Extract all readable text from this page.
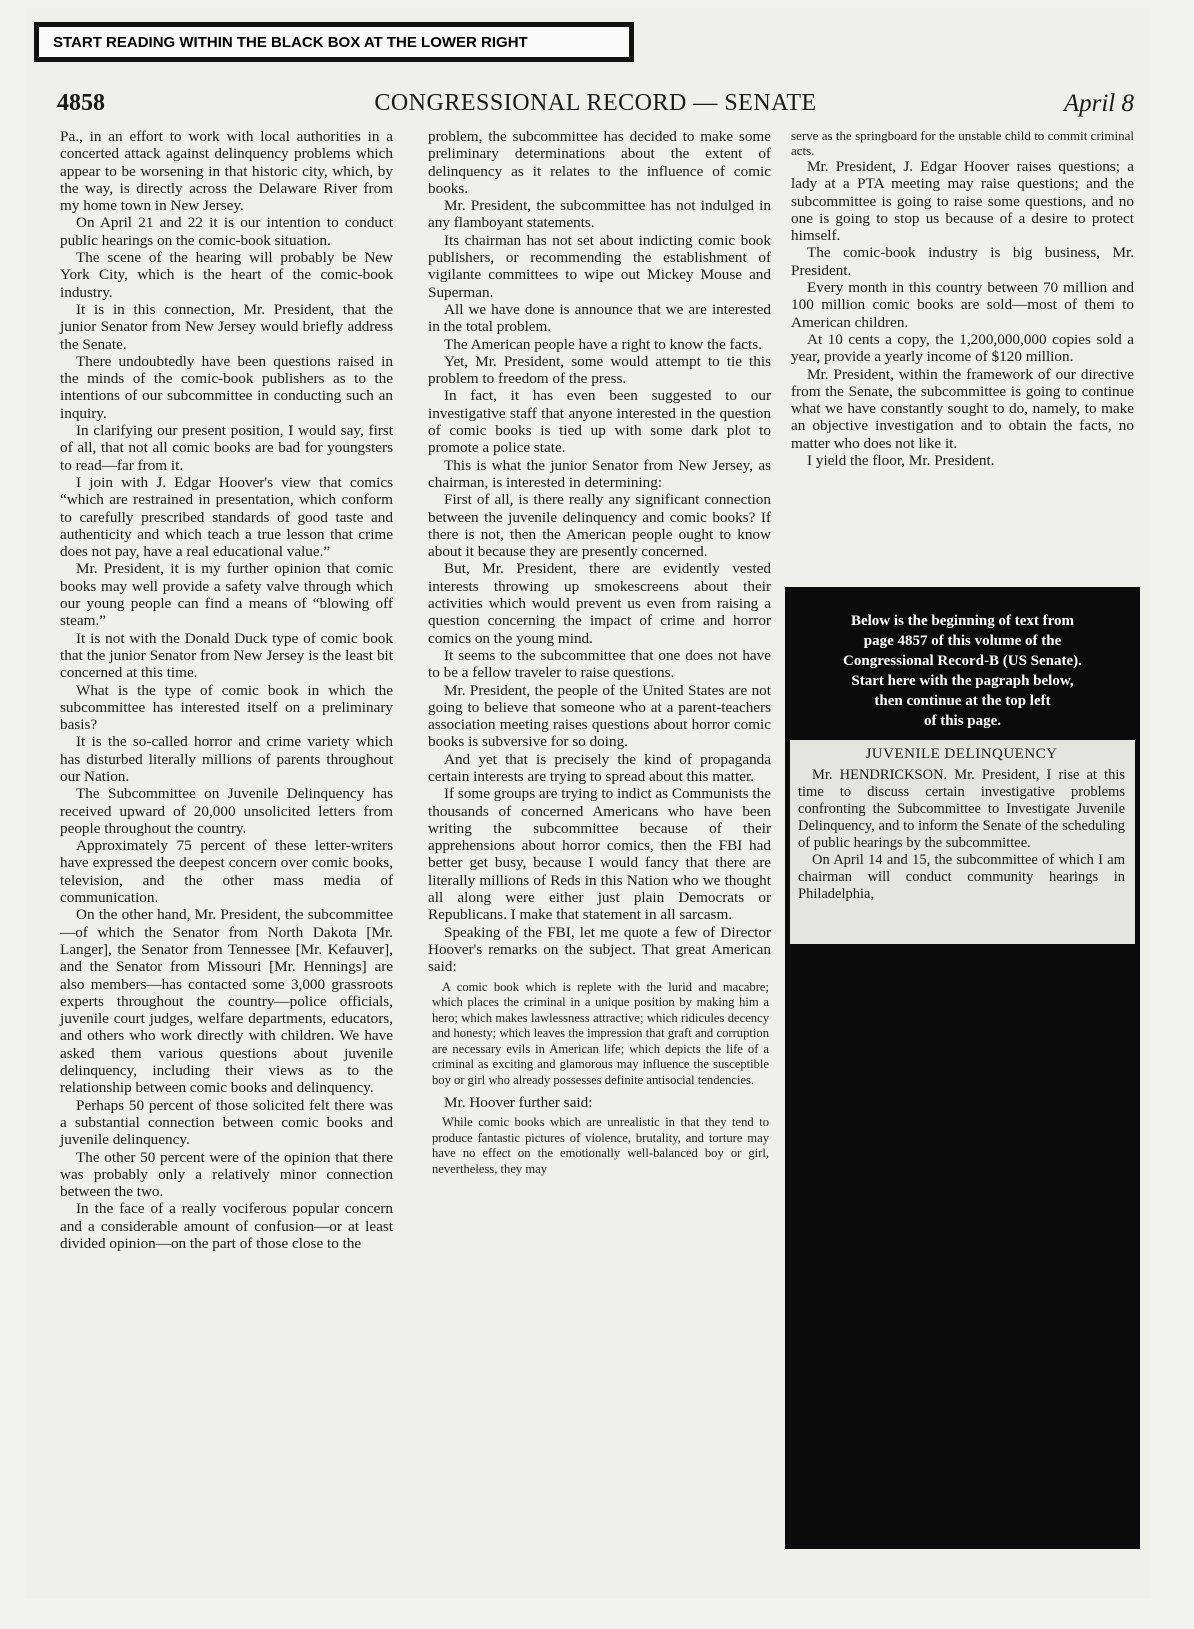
START READING WITHIN THE BLACK BOX AT THE LOWER RIGHT
4858	CONGRESSIONAL RECORD — SENATE	April 8

Pa., in an effort to work with local authorities in a concerted attack against delinquency problems which appear to be worsening in that historic city, which, by the way, is directly across the Delaware River from my home town in New Jersey.

On April 21 and 22 it is our intention to conduct public hearings on the comic-book situation.

The scene of the hearing will probably be New York City, which is the heart of the comic-book industry.

It is in this connection, Mr. President, that the junior Senator from New Jersey would briefly address the Senate.

There undoubtedly have been questions raised in the minds of the comic-book publishers as to the intentions of our subcommittee in conducting such an inquiry.

In clarifying our present position, I would say, first of all, that not all comic books are bad for youngsters to read—far from it.

I join with J. Edgar Hoover's view that comics “which are restrained in presentation, which conform to carefully prescribed standards of good taste and authenticity and which teach a true lesson that crime does not pay, have a real educational value.”

Mr. President, it is my further opinion that comic books may well provide a safety valve through which our young people can find a means of “blowing off steam.”

It is not with the Donald Duck type of comic book that the junior Senator from New Jersey is the least bit concerned at this time.

What is the type of comic book in which the subcommittee has interested itself on a preliminary basis?

It is the so-called horror and crime variety which has disturbed literally millions of parents throughout our Nation.

The Subcommittee on Juvenile Delinquency has received upward of 20,000 unsolicited letters from people throughout the country.

Approximately 75 percent of these letter-writers have expressed the deepest concern over comic books, television, and the other mass media of communication.

On the other hand, Mr. President, the subcommittee—of which the Senator from North Dakota [Mr. Langer], the Senator from Tennessee [Mr. Kefauver], and the Senator from Missouri [Mr. Hennings] are also members—has contacted some 3,000 grassroots experts throughout the country—police officials, juvenile court judges, welfare departments, educators, and others who work directly with children. We have asked them various questions about juvenile delinquency, including their views as to the relationship between comic books and delinquency.

Perhaps 50 percent of those solicited felt there was a substantial connection between comic books and juvenile delinquency.

The other 50 percent were of the opinion that there was probably only a relatively minor connection between the two.

In the face of a really vociferous popular concern and a considerable amount of confusion—or at least divided opinion—on the part of those close to the

problem, the subcommittee has decided to make some preliminary determinations about the extent of delinquency as it relates to the influence of comic books.

Mr. President, the subcommittee has not indulged in any flamboyant statements.

Its chairman has not set about indicting comic book publishers, or recommending the establishment of vigilante committees to wipe out Mickey Mouse and Superman.

All we have done is announce that we are interested in the total problem.

The American people have a right to know the facts.

Yet, Mr. President, some would attempt to tie this problem to freedom of the press.

In fact, it has even been suggested to our investigative staff that anyone interested in the question of comic books is tied up with some dark plot to promote a police state.

This is what the junior Senator from New Jersey, as chairman, is interested in determining:

First of all, is there really any significant connection between the juvenile delinquency and comic books? If there is not, then the American people ought to know about it because they are presently concerned.

But, Mr. President, there are evidently vested interests throwing up smokescreens about their activities which would prevent us even from raising a question concerning the impact of crime and horror comics on the young mind.

It seems to the subcommittee that one does not have to be a fellow traveler to raise questions.

Mr. President, the people of the United States are not going to believe that someone who at a parent-teachers association meeting raises questions about horror comic books is subversive for so doing.

And yet that is precisely the kind of propaganda certain interests are trying to spread about this matter.

If some groups are trying to indict as Communists the thousands of concerned Americans who have been writing the subcommittee because of their apprehensions about horror comics, then the FBI had better get busy, because I would fancy that there are literally millions of Reds in this Nation who we thought all along were either just plain Democrats or Republicans. I make that statement in all sarcasm.

Speaking of the FBI, let me quote a few of Director Hoover's remarks on the subject. That great American said:

A comic book which is replete with the lurid and macabre; which places the criminal in a unique position by making him a hero; which makes lawlessness attractive; which ridicules decency and honesty; which leaves the impression that graft and corruption are necessary evils in American life; which depicts the life of a criminal as exciting and glamorous may influence the susceptible boy or girl who already possesses definite antisocial tendencies.

Mr. Hoover further said:

While comic books which are unrealistic in that they tend to produce fantastic pictures of violence, brutality, and torture may have no effect on the emotionally well-balanced boy or girl, nevertheless, they may

serve as the springboard for the unstable child to commit criminal acts.

Mr. President, J. Edgar Hoover raises questions; a lady at a PTA meeting may raise questions; and the subcommittee is going to raise some questions, and no one is going to stop us because of a desire to protect himself.

The comic-book industry is big business, Mr. President.

Every month in this country between 70 million and 100 million comic books are sold—most of them to American children.

At 10 cents a copy, the 1,200,000,000 copies sold a year, provide a yearly income of $120 million.

Mr. President, within the framework of our directive from the Senate, the subcommittee is going to continue what we have constantly sought to do, namely, to make an objective investigation and to obtain the facts, no matter who does not like it.

I yield the floor, Mr. President.

Below is the beginning of text from
page 4857 of this volume of the
Congressional Record-B (US Senate).
Start here with the pagraph below,
then continue at the top left
of this page.

JUVENILE DELINQUENCY

Mr. HENDRICKSON. Mr. President, I rise at this time to discuss certain investigative problems confronting the Subcommittee to Investigate Juvenile Delinquency, and to inform the Senate of the scheduling of public hearings by the subcommittee.

On April 14 and 15, the subcommittee of which I am chairman will conduct community hearings in Philadelphia,
